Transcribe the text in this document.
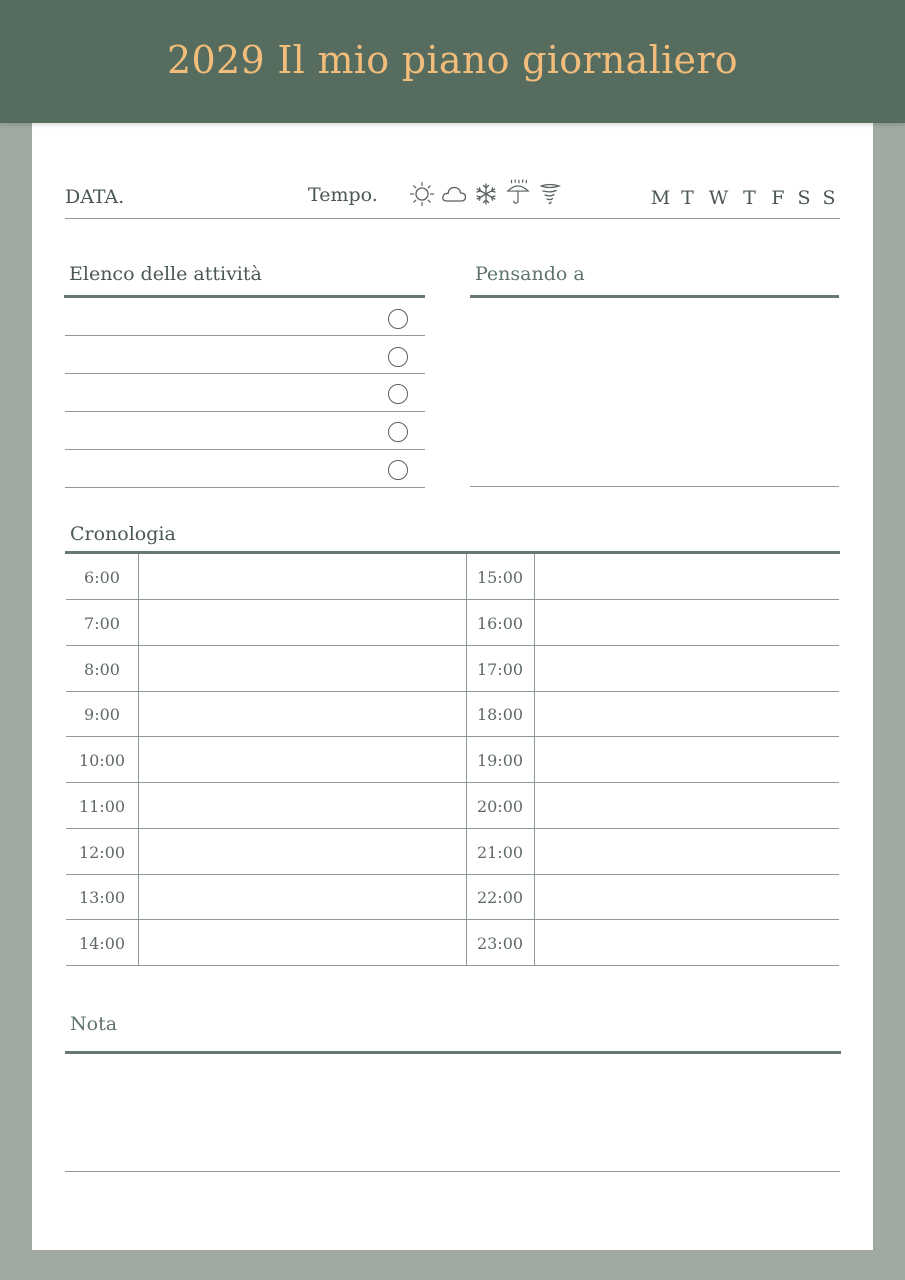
2029 Il mio piano giornaliero
DATA.	Tempo.	M T W T F S S
Elenco delle attività	Pensando a
Cronologia
6:00	15:00
7:00	16:00
8:00	17:00
9:00	18:00
10:00	19:00
11:00	20:00
12:00	21:00
13:00	22:00
14:00	23:00
Nota
